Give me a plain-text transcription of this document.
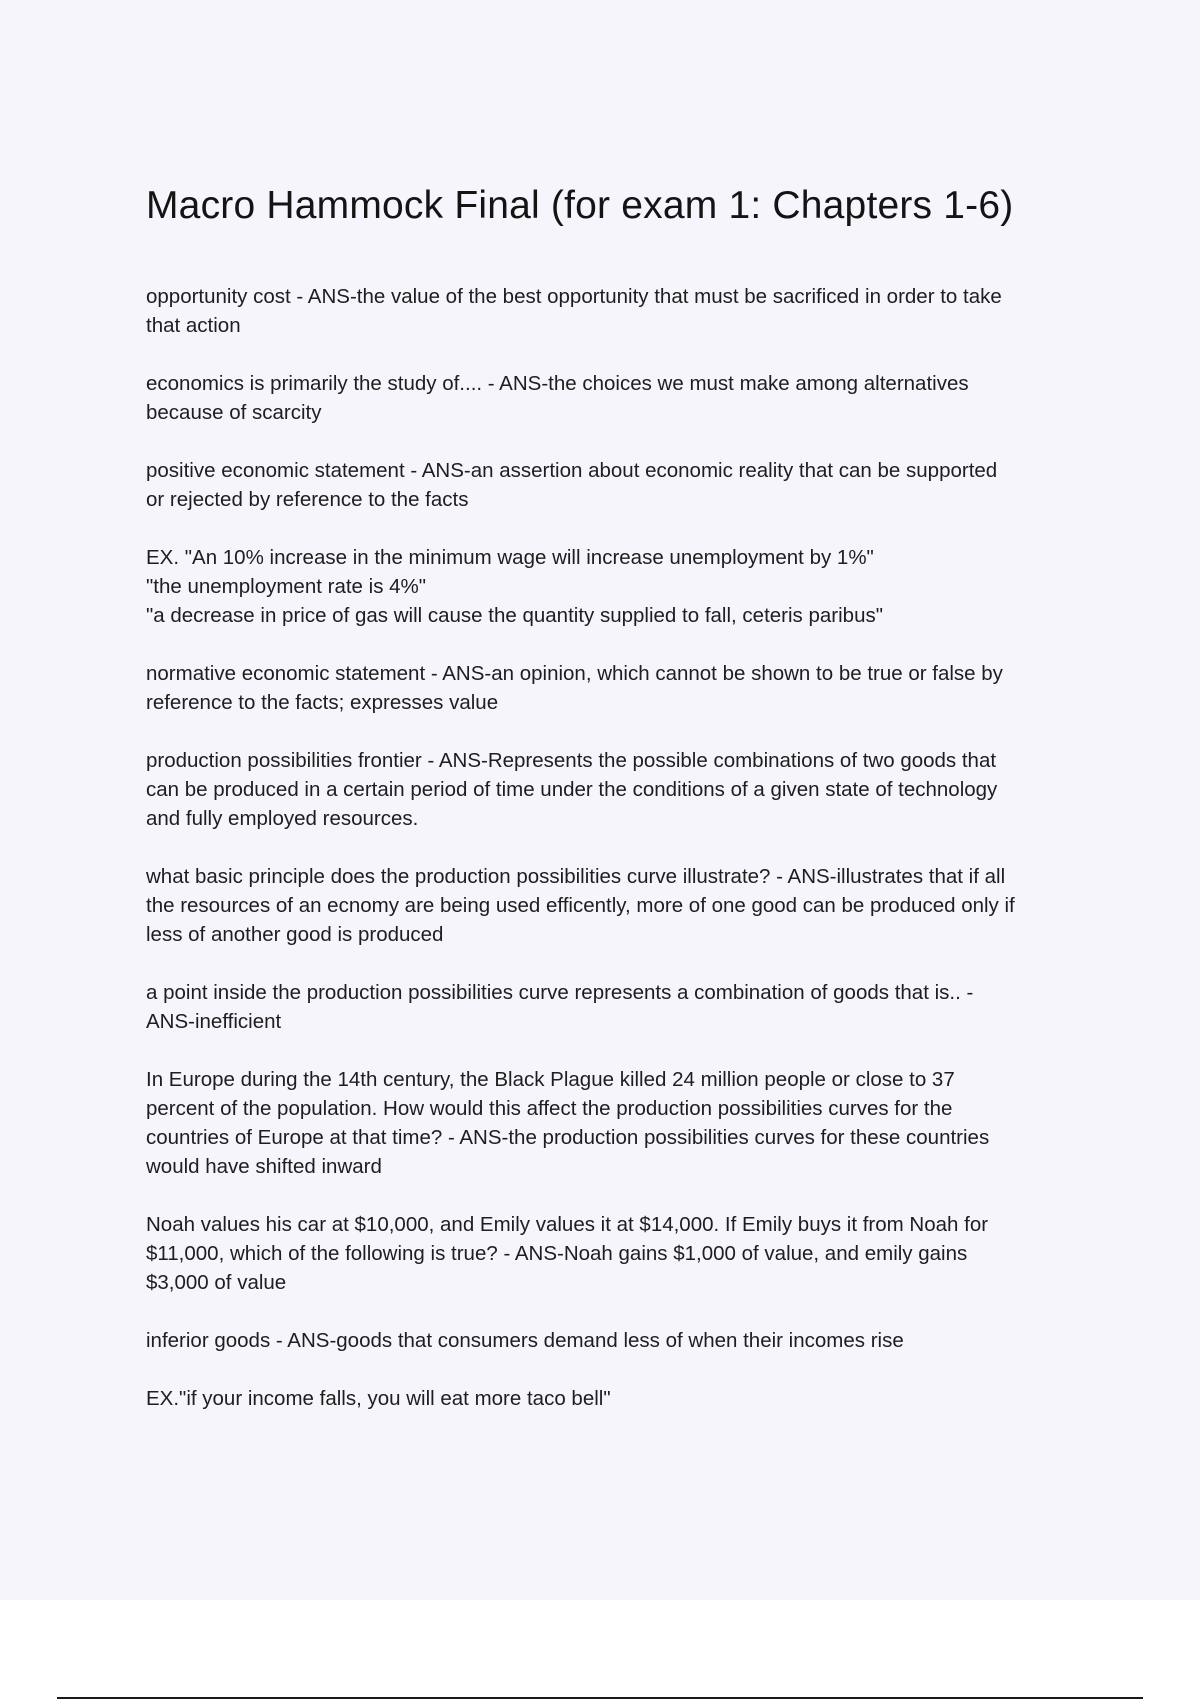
Macro Hammock Final (for exam 1: Chapters 1-6)

opportunity cost - ANS-the value of the best opportunity that must be sacrificed in order to take
that action

economics is primarily the study of.... - ANS-the choices we must make among alternatives
because of scarcity

positive economic statement - ANS-an assertion about economic reality that can be supported
or rejected by reference to the facts

EX. "An 10% increase in the minimum wage will increase unemployment by 1%"
"the unemployment rate is 4%"
"a decrease in price of gas will cause the quantity supplied to fall, ceteris paribus"

normative economic statement - ANS-an opinion, which cannot be shown to be true or false by
reference to the facts; expresses value

production possibilities frontier - ANS-Represents the possible combinations of two goods that
can be produced in a certain period of time under the conditions of a given state of technology
and fully employed resources.

what basic principle does the production possibilities curve illustrate? - ANS-illustrates that if all
the resources of an ecnomy are being used efficently, more of one good can be produced only if
less of another good is produced

a point inside the production possibilities curve represents a combination of goods that is.. -
ANS-inefficient

In Europe during the 14th century, the Black Plague killed 24 million people or close to 37
percent of the population. How would this affect the production possibilities curves for the
countries of Europe at that time? - ANS-the production possibilities curves for these countries
would have shifted inward

Noah values his car at $10,000, and Emily values it at $14,000. If Emily buys it from Noah for
$11,000, which of the following is true? - ANS-Noah gains $1,000 of value, and emily gains
$3,000 of value

inferior goods - ANS-goods that consumers demand less of when their incomes rise

EX."if your income falls, you will eat more taco bell"
